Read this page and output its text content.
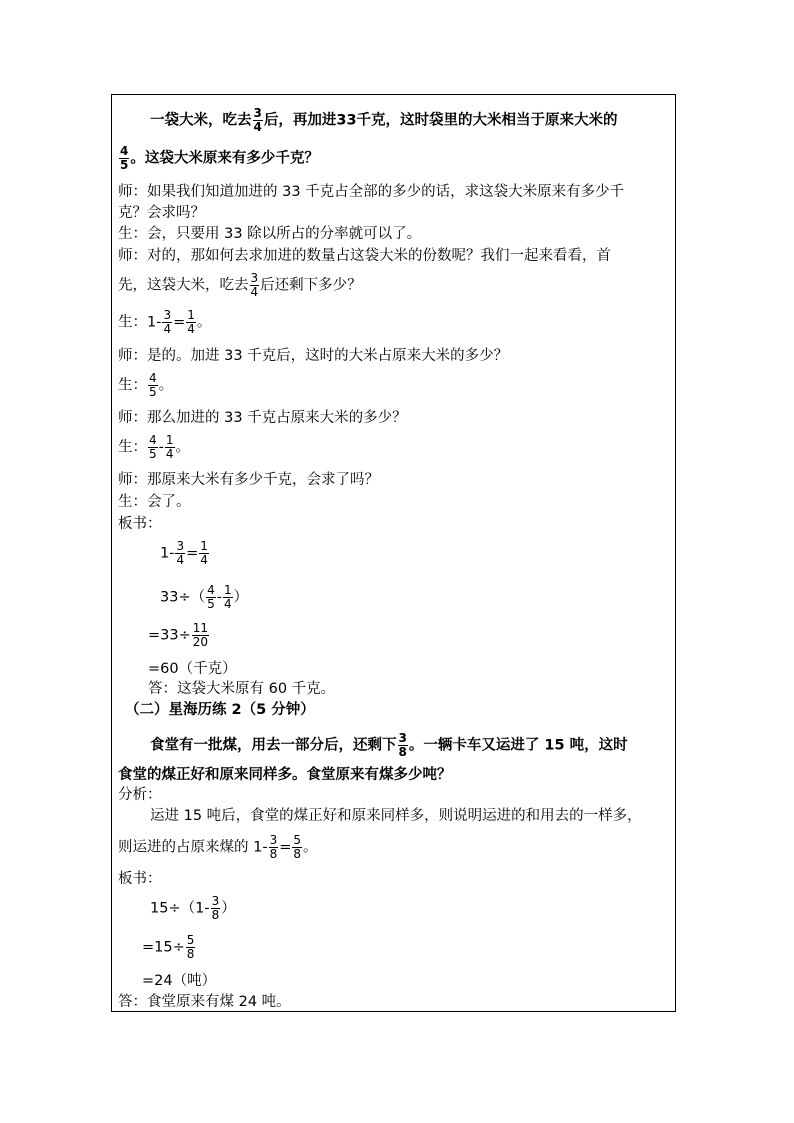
一袋大米，吃去 $\frac{3}{4}$ 后，再加进33千克，这时袋里的大米相当于原来大米的
$\frac{4}{5}$ 。这袋大米原来有多少千克？
师：如果我们知道加进的 33 千克占全部的多少的话，求这袋大米原来有多少千
克？会求吗？
生：会，只要用 33 除以所占的分率就可以了。
师：对的，那如何去求加进的数量占这袋大米的份数呢？我们一起来看看，首
先，这袋大米，吃去 $\frac{3}{4}$ 后还剩下多少？
生：$1- \frac{3}{4} = \frac{1}{4}$ 。
师：是的。加进 33 千克后，这时的大米占原来大米的多少？
生： $\frac{4}{5}$ 。
师：那么加进的 33 千克占原来大米的多少？
生： $\frac{4}{5} - \frac{1}{4}$ 。
师：那原来大米有多少千克，会求了吗？
生：会了。
板书：
$1- \frac{3}{4} = \frac{1}{4}$
$33\div( \frac{4}{5} - \frac{1}{4}$ ）
$=33\div \frac{11}{20}$
=60（千克）
答：这袋大米原有 60 千克。
（二）星海历练 2（5 分钟）
食堂有一批煤，用去一部分后，还剩下 $\frac{3}{8}$ 。一辆卡车又运进了 15 吨，这时
食堂的煤正好和原来同样多。食堂原来有煤多少吨？
分析：
运进 15 吨后，食堂的煤正好和原来同样多，则说明运进的和用去的一样多，
则运进的占原来煤的 $1- \frac{3}{8} = \frac{5}{8}$ 。
板书：
$15\div(1- \frac{3}{8}$ ）
$=15\div \frac{5}{8}$
=24（吨）
答：食堂原来有煤 24 吨。
